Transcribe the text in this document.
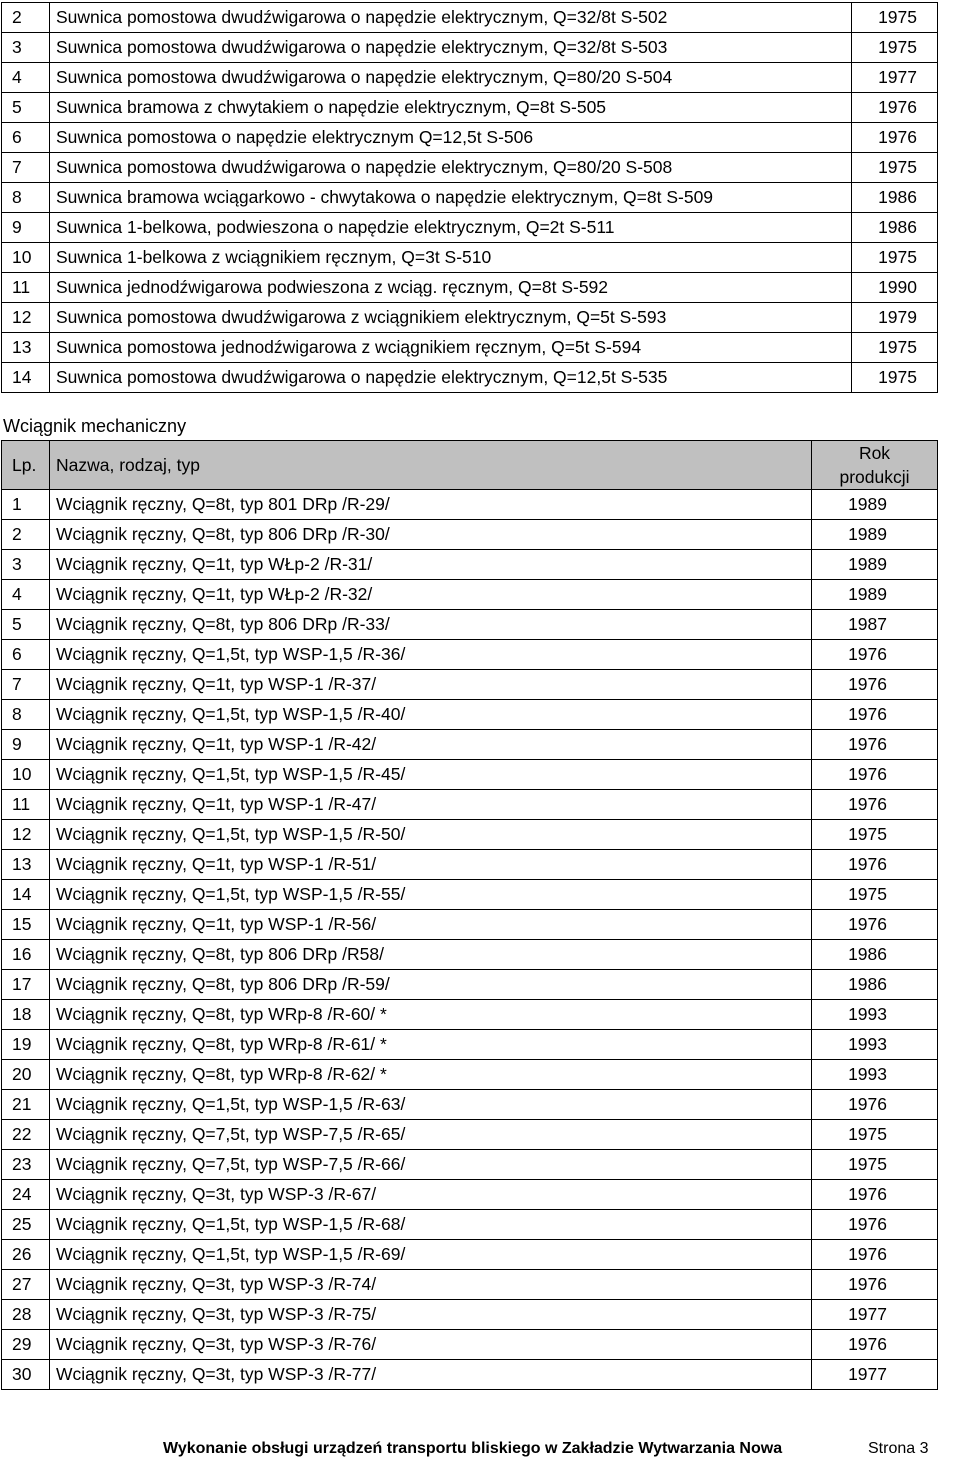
2	Suwnica pomostowa dwudźwigarowa o napędzie elektrycznym, Q=32/8t S-502	1975
3	Suwnica pomostowa dwudźwigarowa o napędzie elektrycznym, Q=32/8t S-503	1975
4	Suwnica pomostowa dwudźwigarowa o napędzie elektrycznym, Q=80/20 S-504	1977
5	Suwnica bramowa z chwytakiem o napędzie elektrycznym, Q=8t S-505	1976
6	Suwnica pomostowa o napędzie elektrycznym Q=12,5t S-506	1976
7	Suwnica pomostowa dwudźwigarowa o napędzie elektrycznym, Q=80/20 S-508	1975
8	Suwnica bramowa wciągarkowo - chwytakowa o napędzie elektrycznym, Q=8t S-509	1986
9	Suwnica 1-belkowa, podwieszona o napędzie elektrycznym, Q=2t S-511	1986
10	Suwnica 1-belkowa z wciągnikiem ręcznym, Q=3t S-510	1975
11	Suwnica jednodźwigarowa podwieszona z wciąg. ręcznym, Q=8t S-592	1990
12	Suwnica pomostowa dwudźwigarowa z wciągnikiem elektrycznym, Q=5t S-593	1979
13	Suwnica pomostowa jednodźwigarowa z wciągnikiem ręcznym, Q=5t S-594	1975
14	Suwnica pomostowa dwudźwigarowa o napędzie elektrycznym, Q=12,5t S-535	1975
Wciągnik mechaniczny
Lp.	Nazwa, rodzaj, typ	Rok
produkcji

1	Wciągnik ręczny, Q=8t, typ 801 DRp /R-29/	1989
2	Wciągnik ręczny, Q=8t, typ 806 DRp /R-30/	1989
3	Wciągnik ręczny, Q=1t, typ WŁp-2 /R-31/	1989
4	Wciągnik ręczny, Q=1t, typ WŁp-2 /R-32/	1989
5	Wciągnik ręczny, Q=8t, typ 806 DRp /R-33/	1987
6	Wciągnik ręczny, Q=1,5t, typ WSP-1,5 /R-36/	1976
7	Wciągnik ręczny, Q=1t, typ WSP-1 /R-37/	1976
8	Wciągnik ręczny, Q=1,5t, typ WSP-1,5 /R-40/	1976
9	Wciągnik ręczny, Q=1t, typ WSP-1 /R-42/	1976
10	Wciągnik ręczny, Q=1,5t, typ WSP-1,5 /R-45/	1976
11	Wciągnik ręczny, Q=1t, typ WSP-1 /R-47/	1976
12	Wciągnik ręczny, Q=1,5t, typ WSP-1,5 /R-50/	1975
13	Wciągnik ręczny, Q=1t, typ WSP-1 /R-51/	1976
14	Wciągnik ręczny, Q=1,5t, typ WSP-1,5 /R-55/	1975
15	Wciągnik ręczny, Q=1t, typ WSP-1 /R-56/	1976
16	Wciągnik ręczny, Q=8t, typ 806 DRp /R58/	1986
17	Wciągnik ręczny, Q=8t, typ 806 DRp /R-59/	1986
18	Wciągnik ręczny, Q=8t, typ WRp-8 /R-60/ *	1993
19	Wciągnik ręczny, Q=8t, typ WRp-8 /R-61/ *	1993
20	Wciągnik ręczny, Q=8t, typ WRp-8 /R-62/ *	1993
21	Wciągnik ręczny, Q=1,5t, typ WSP-1,5 /R-63/	1976
22	Wciągnik ręczny, Q=7,5t, typ WSP-7,5 /R-65/	1975
23	Wciągnik ręczny, Q=7,5t, typ WSP-7,5 /R-66/	1975
24	Wciągnik ręczny, Q=3t, typ WSP-3 /R-67/	1976
25	Wciągnik ręczny, Q=1,5t, typ WSP-1,5 /R-68/	1976
26	Wciągnik ręczny, Q=1,5t, typ WSP-1,5 /R-69/	1976
27	Wciągnik ręczny, Q=3t, typ WSP-3 /R-74/	1976
28	Wciągnik ręczny, Q=3t, typ WSP-3 /R-75/	1977
29	Wciągnik ręczny, Q=3t, typ WSP-3 /R-76/	1976
30	Wciągnik ręczny, Q=3t, typ WSP-3 /R-77/	1977
Wykonanie obsługi urządzeń transportu bliskiego w Zakładzie Wytwarzania Nowa	Strona 3
